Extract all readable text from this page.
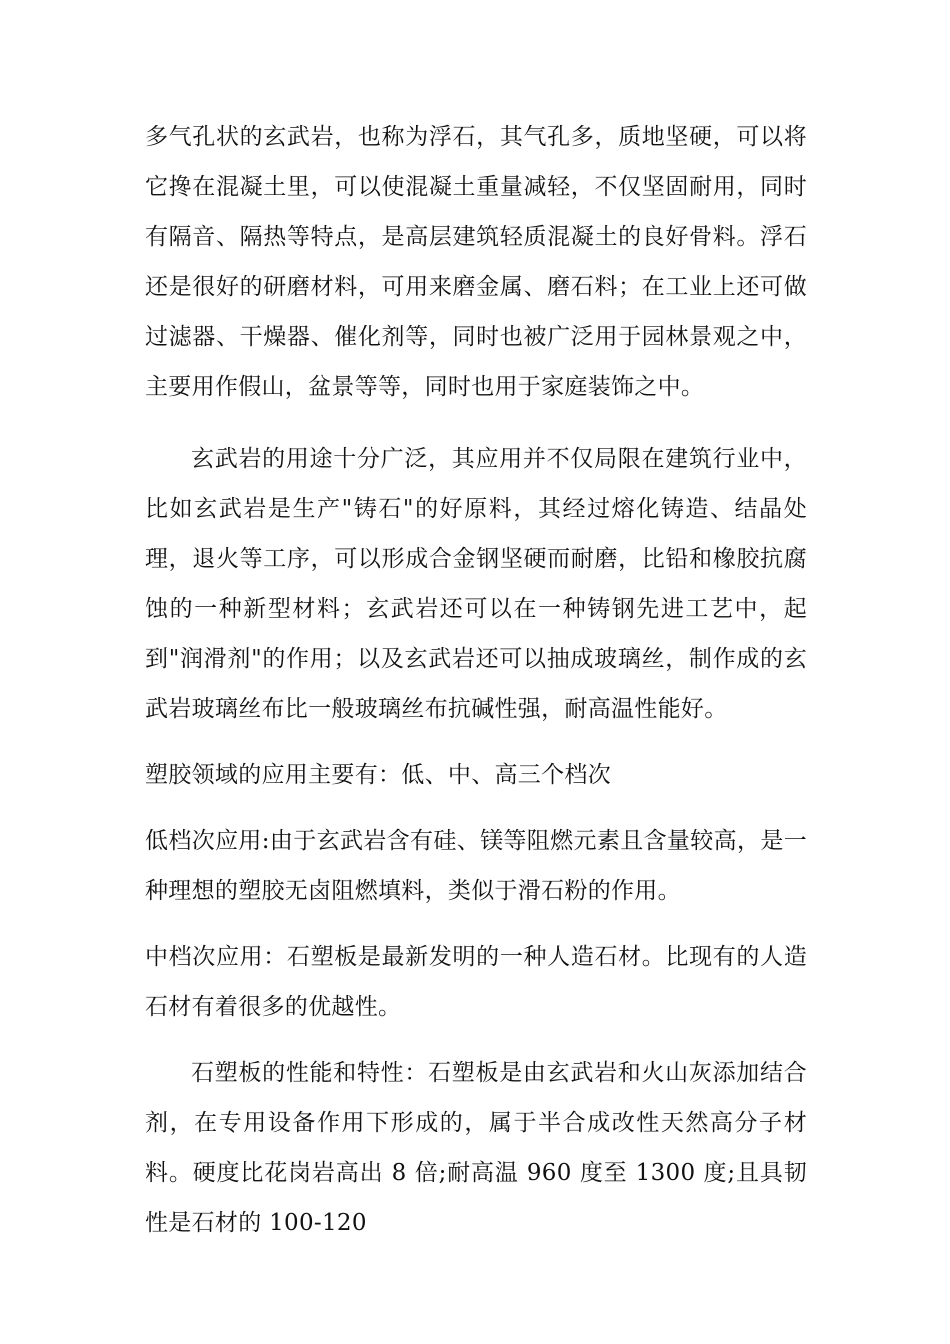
多气孔状的玄武岩，也称为浮石，其气孔多，质地坚硬，可以将它搀在混凝土里，可以使混凝土重量减轻，不仅坚固耐用，同时有隔音、隔热等特点，是高层建筑轻质混凝土的良好骨料。浮石还是很好的研磨材料，可用来磨金属、磨石料；在工业上还可做过滤器、干燥器、催化剂等，同时也被广泛用于园林景观之中，主要用作假山，盆景等等，同时也用于家庭装饰之中。

玄武岩的用途十分广泛，其应用并不仅局限在建筑行业中，比如玄武岩是生产"铸石"的好原料，其经过熔化铸造、结晶处理，退火等工序，可以形成合金钢坚硬而耐磨，比铅和橡胶抗腐蚀的一种新型材料；玄武岩还可以在一种铸钢先进工艺中，起到"润滑剂"的作用；以及玄武岩还可以抽成玻璃丝，制作成的玄武岩玻璃丝布比一般玻璃丝布抗碱性强，耐高温性能好。

塑胶领域的应用主要有：低、中、高三个档次

低档次应用:由于玄武岩含有硅、镁等阻燃元素且含量较高，是一种理想的塑胶无卤阻燃填料，类似于滑石粉的作用。

中档次应用：石塑板是最新发明的一种人造石材。比现有的人造石材有着很多的优越性。

石塑板的性能和特性：石塑板是由玄武岩和火山灰添加结合剂，在专用设备作用下形成的，属于半合成改性天然高分子材料。硬度比花岗岩高出 8 倍;耐高温 960 度至 1300 度;且具韧性是石材的 100-120
